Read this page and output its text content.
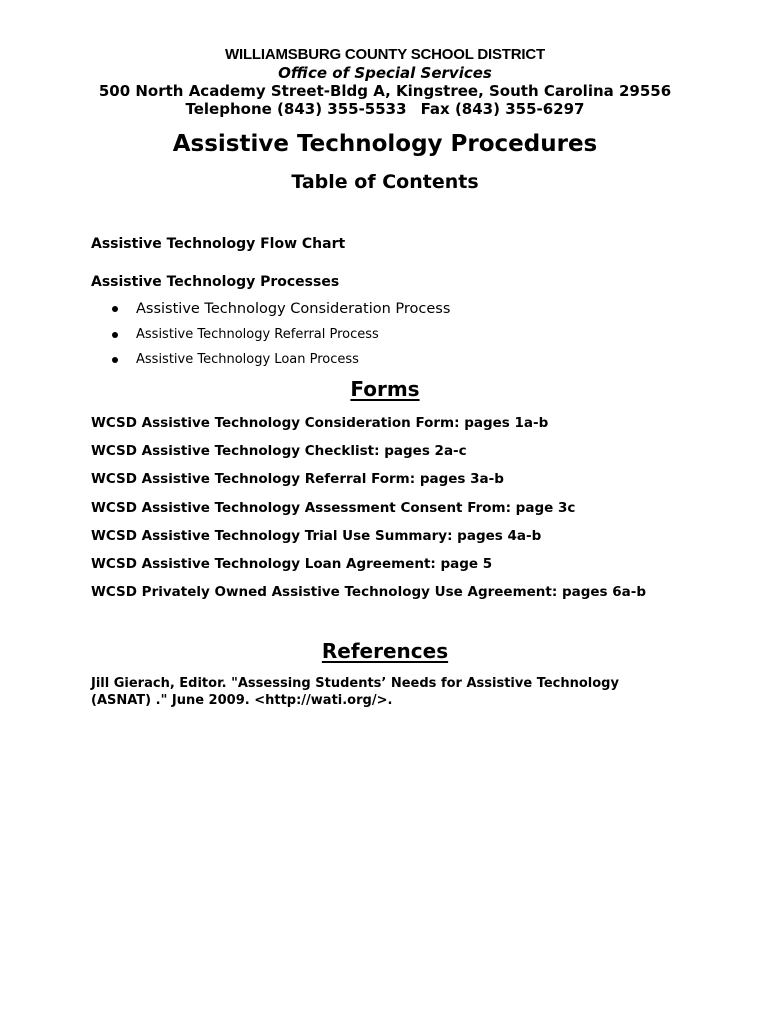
WILLIAMSBURG COUNTY SCHOOL DISTRICT
Office of Special Services
500 North Academy Street-Bldg A, Kingstree, South Carolina 29556
Telephone (843) 355-5533 Fax (843) 355-6297
Assistive Technology Procedures
Table of Contents
Assistive Technology Flow Chart
Assistive Technology Processes
Assistive Technology Consideration Process
Assistive Technology Referral Process
Assistive Technology Loan Process
Forms
WCSD Assistive Technology Consideration Form: pages 1a-b
WCSD Assistive Technology Checklist: pages 2a-c
WCSD Assistive Technology Referral Form: pages 3a-b
WCSD Assistive Technology Assessment Consent From: page 3c
WCSD Assistive Technology Trial Use Summary: pages 4a-b
WCSD Assistive Technology Loan Agreement: page 5
WCSD Privately Owned Assistive Technology Use Agreement: pages 6a-b
References
Jill Gierach, Editor. "Assessing Students’ Needs for Assistive Technology
(ASNAT) ." June 2009. <http://wati.org/>.
